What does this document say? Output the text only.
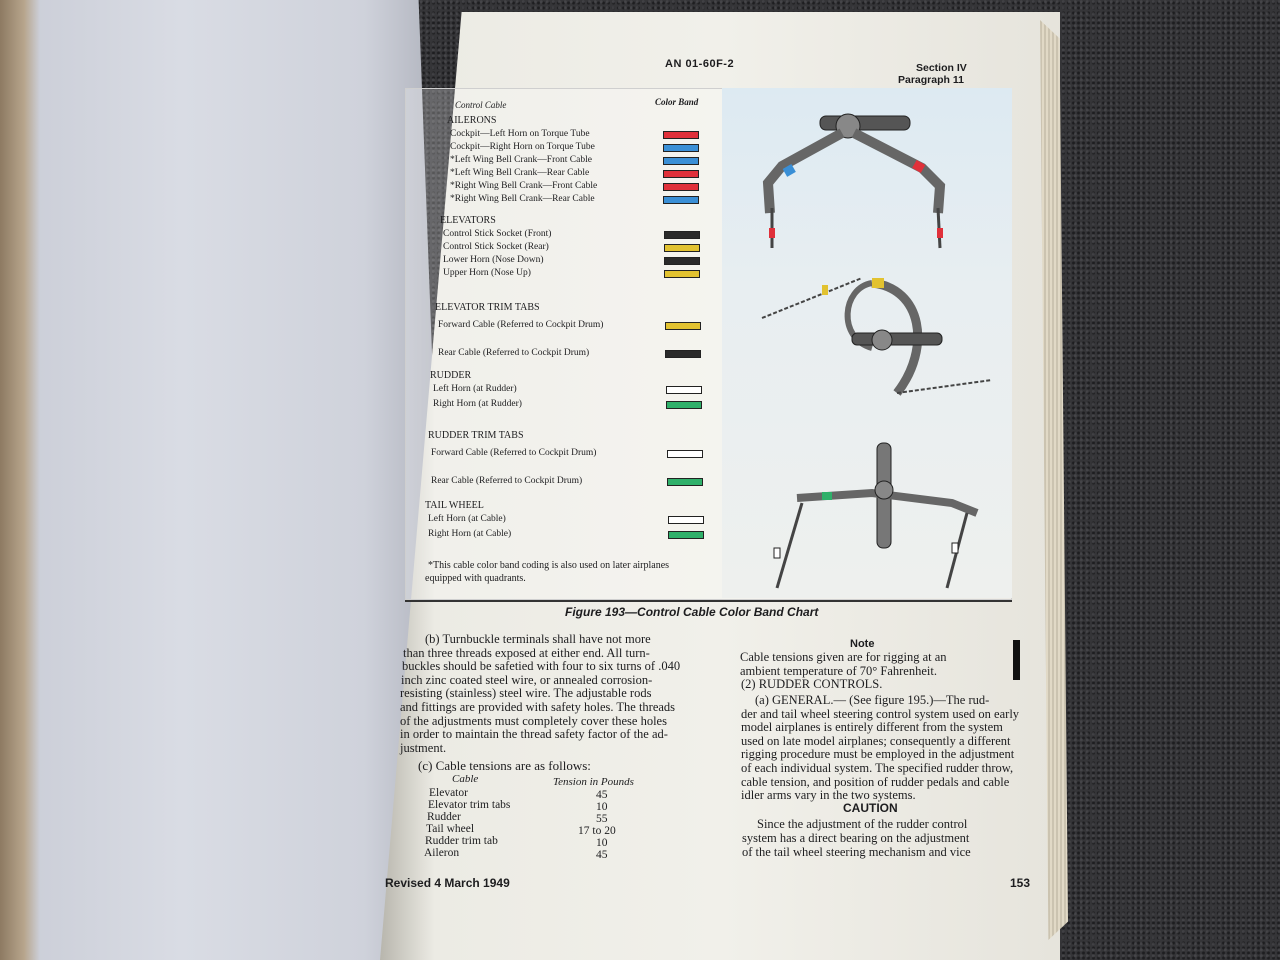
AN 01-60F-2	Section IV
Paragraph 11
Control Cable	Color Band
AILERONS
Cockpit—Left Horn on Torque Tube
Cockpit—Right Horn on Torque Tube
*Left Wing Bell Crank—Front Cable
*Left Wing Bell Crank—Rear Cable
*Right Wing Bell Crank—Front Cable
*Right Wing Bell Crank—Rear Cable
ELEVATORS
Control Stick Socket (Front)
Control Stick Socket (Rear)
Lower Horn (Nose Down)
Upper Horn (Nose Up)
ELEVATOR TRIM TABS
Forward Cable (Referred to Cockpit Drum)
Rear Cable (Referred to Cockpit Drum)
RUDDER
Left Horn (at Rudder)
Right Horn (at Rudder)
RUDDER TRIM TABS
Forward Cable (Referred to Cockpit Drum)
Rear Cable (Referred to Cockpit Drum)
TAIL WHEEL
Left Horn (at Cable)
Right Horn (at Cable)
*This cable color band coding is also used on later airplanes
equipped with quadrants.
Figure 193—Control Cable Color Band Chart
(b) Turnbuckle terminals shall have not more
than three threads exposed at either end. All turn-
buckles should be safetied with four to six turns of .040
inch zinc coated steel wire, or annealed corrosion-
resisting (stainless) steel wire. The adjustable rods
and fittings are provided with safety holes. The threads
of the adjustments must completely cover these holes
in order to maintain the thread safety factor of the ad-
justment.
(c) Cable tensions are as follows:
Cable	Tension in Pounds
Elevator	45
Elevator trim tabs	10
Rudder	55
Tail wheel	17 to 20
Rudder trim tab	10
Aileron	45
Note
Cable tensions given are for rigging at an
ambient temperature of 70° Fahrenheit.
(2) RUDDER CONTROLS.
(a) GENERAL.— (See figure 195.)—The rud-
der and tail wheel steering control system used on early
model airplanes is entirely different from the system
used on late model airplanes; consequently a different
rigging procedure must be employed in the adjustment
of each individual system. The specified rudder throw,
cable tension, and position of rudder pedals and cable
idler arms vary in the two systems.
CAUTION
Since the adjustment of the rudder control
system has a direct bearing on the adjustment
of the tail wheel steering mechanism and vice
Revised 4 March 1949	153
